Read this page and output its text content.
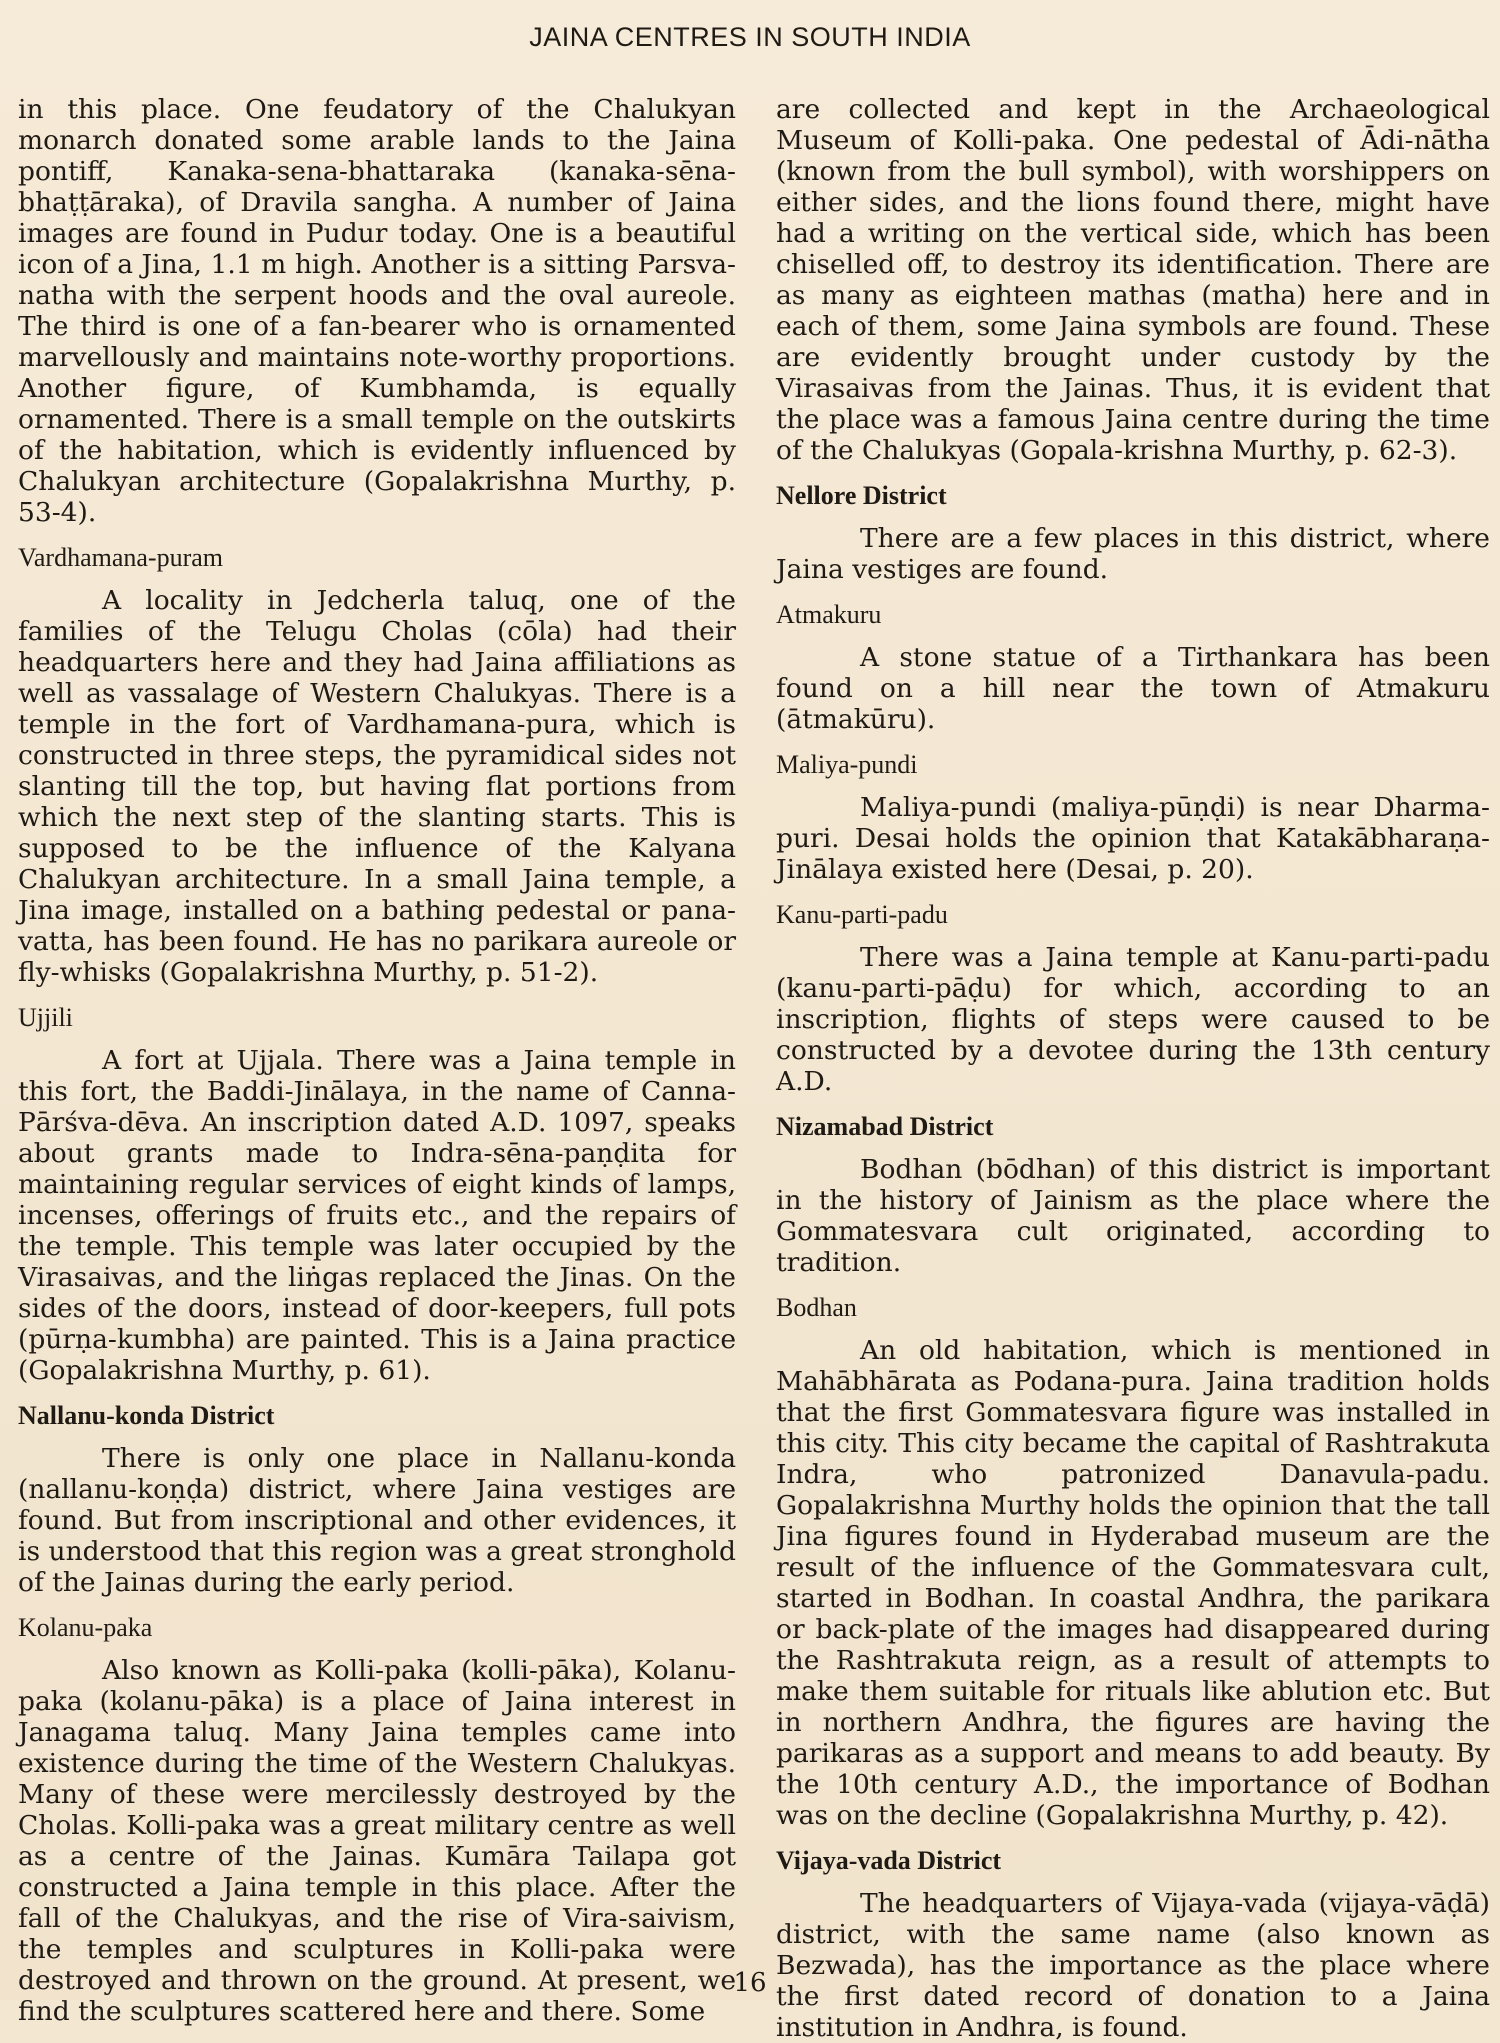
JAINA CENTRES IN SOUTH INDIA

in this place. One feudatory of the Chalukyan monarch donated some arable lands to the Jaina pontiff, Kanaka-sena-bhattaraka (kanaka-sēna-bhaṭṭāraka), of Dravila sangha. A number of Jaina images are found in Pudur today. One is a beautiful icon of a Jina, 1.1 m high. Another is a sitting Parsva-natha with the serpent hoods and the oval aureole. The third is one of a fan-bearer who is ornamented marvellously and maintains note-worthy proportions. Another figure, of Kumbhamda, is equally ornamented. There is a small temple on the outskirts of the habitation, which is evidently influenced by Chalukyan architecture (Gopalakrishna Murthy, p. 53-4).

Vardhamana-puram

A locality in Jedcherla taluq, one of the families of the Telugu Cholas (cōla) had their headquarters here and they had Jaina affiliations as well as vassalage of Western Chalukyas. There is a temple in the fort of Vardhamana-pura, which is constructed in three steps, the pyramidical sides not slanting till the top, but having flat portions from which the next step of the slanting starts. This is supposed to be the influence of the Kalyana Chalukyan architecture. In a small Jaina temple, a Jina image, installed on a bathing pedestal or pana-vatta, has been found. He has no parikara aureole or fly-whisks (Gopalakrishna Murthy, p. 51-2).

Ujjili

A fort at Ujjala. There was a Jaina temple in this fort, the Baddi-Jinālaya, in the name of Canna-Pārśva-dēva. An inscription dated A.D. 1097, speaks about grants made to Indra-sēna-paṇḍita for maintaining regular services of eight kinds of lamps, incenses, offerings of fruits etc., and the repairs of the temple. This temple was later occupied by the Virasaivas, and the liṅgas replaced the Jinas. On the sides of the doors, instead of door-keepers, full pots (pūrṇa-kumbha) are painted. This is a Jaina practice (Gopalakrishna Murthy, p. 61).

Nallanu-konda District

There is only one place in Nallanu-konda (nallanu-koṇḍa) district, where Jaina vestiges are found. But from inscriptional and other evidences, it is understood that this region was a great stronghold of the Jainas during the early period.

Kolanu-paka

Also known as Kolli-paka (kolli-pāka), Kolanu-paka (kolanu-pāka) is a place of Jaina interest in Janagama taluq. Many Jaina temples came into existence during the time of the Western Chalukyas. Many of these were mercilessly destroyed by the Cholas. Kolli-paka was a great military centre as well as a centre of the Jainas. Kumāra Tailapa got constructed a Jaina temple in this place. After the fall of the Chalukyas, and the rise of Vira-saivism, the temples and sculptures in Kolli-paka were destroyed and thrown on the ground. At present, we find the sculptures scattered here and there. Some

are collected and kept in the Archaeological Museum of Kolli-paka. One pedestal of Ādi-nātha (known from the bull symbol), with worshippers on either sides, and the lions found there, might have had a writing on the vertical side, which has been chiselled off, to destroy its identification. There are as many as eighteen mathas (matha) here and in each of them, some Jaina symbols are found. These are evidently brought under custody by the Virasaivas from the Jainas. Thus, it is evident that the place was a famous Jaina centre during the time of the Chalukyas (Gopala-krishna Murthy, p. 62-3).

Nellore District

There are a few places in this district, where Jaina vestiges are found.

Atmakuru

A stone statue of a Tirthankara has been found on a hill near the town of Atmakuru (ātmakūru).

Maliya-pundi

Maliya-pundi (maliya-pūṇḍi) is near Dharma-puri. Desai holds the opinion that Katakābharaṇa-Jinālaya existed here (Desai, p. 20).

Kanu-parti-padu

There was a Jaina temple at Kanu-parti-padu (kanu-parti-pāḍu) for which, according to an inscription, flights of steps were caused to be constructed by a devotee during the 13th century A.D.

Nizamabad District

Bodhan (bōdhan) of this district is important in the history of Jainism as the place where the Gommatesvara cult originated, according to tradition.

Bodhan

An old habitation, which is mentioned in Mahābhārata as Podana-pura. Jaina tradition holds that the first Gommatesvara figure was installed in this city. This city became the capital of Rashtrakuta Indra, who patronized Danavula-padu. Gopalakrishna Murthy holds the opinion that the tall Jina figures found in Hyderabad museum are the result of the influence of the Gommatesvara cult, started in Bodhan. In coastal Andhra, the parikara or back-plate of the images had disappeared during the Rashtrakuta reign, as a result of attempts to make them suitable for rituals like ablution etc. But in northern Andhra, the figures are having the parikaras as a support and means to add beauty. By the 10th century A.D., the importance of Bodhan was on the decline (Gopalakrishna Murthy, p. 42).

Vijaya-vada District

The headquarters of Vijaya-vada (vijaya-vāḍā) district, with the same name (also known as Bezwada), has the importance as the place where the first dated record of donation to a Jaina institution in Andhra, is found.

16
